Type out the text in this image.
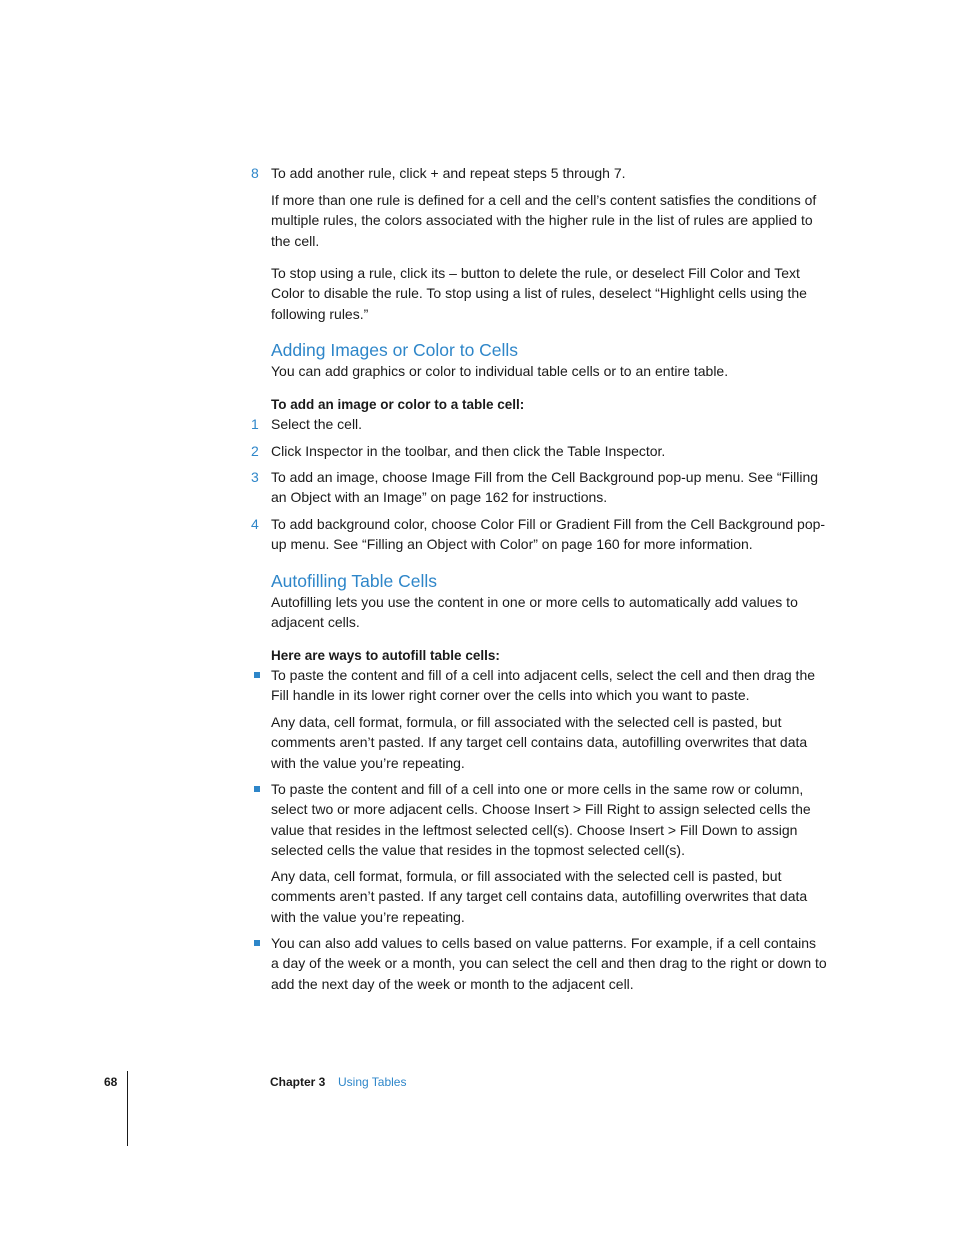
8 To add another rule, click + and repeat steps 5 through 7.
If more than one rule is defined for a cell and the cell’s content satisfies the conditions of multiple rules, the colors associated with the higher rule in the list of rules are applied to the cell.
To stop using a rule, click its – button to delete the rule, or deselect Fill Color and Text Color to disable the rule. To stop using a list of rules, deselect “Highlight cells using the following rules.”
Adding Images or Color to Cells
You can add graphics or color to individual table cells or to an entire table.
To add an image or color to a table cell:
1 Select the cell.
2 Click Inspector in the toolbar, and then click the Table Inspector.
3 To add an image, choose Image Fill from the Cell Background pop-up menu. See “Filling an Object with an Image” on page 162 for instructions.
4 To add background color, choose Color Fill or Gradient Fill from the Cell Background pop-up menu. See “Filling an Object with Color” on page 160 for more information.
Autofilling Table Cells
Autofilling lets you use the content in one or more cells to automatically add values to adjacent cells.
Here are ways to autofill table cells:
To paste the content and fill of a cell into adjacent cells, select the cell and then drag the Fill handle in its lower right corner over the cells into which you want to paste.
Any data, cell format, formula, or fill associated with the selected cell is pasted, but comments aren’t pasted. If any target cell contains data, autofilling overwrites that data with the value you’re repeating.
To paste the content and fill of a cell into one or more cells in the same row or column, select two or more adjacent cells. Choose Insert > Fill Right to assign selected cells the value that resides in the leftmost selected cell(s). Choose Insert > Fill Down to assign selected cells the value that resides in the topmost selected cell(s).
Any data, cell format, formula, or fill associated with the selected cell is pasted, but comments aren’t pasted. If any target cell contains data, autofilling overwrites that data with the value you’re repeating.
You can also add values to cells based on value patterns. For example, if a cell contains a day of the week or a month, you can select the cell and then drag to the right or down to add the next day of the week or month to the adjacent cell.
68	Chapter 3 Using Tables
